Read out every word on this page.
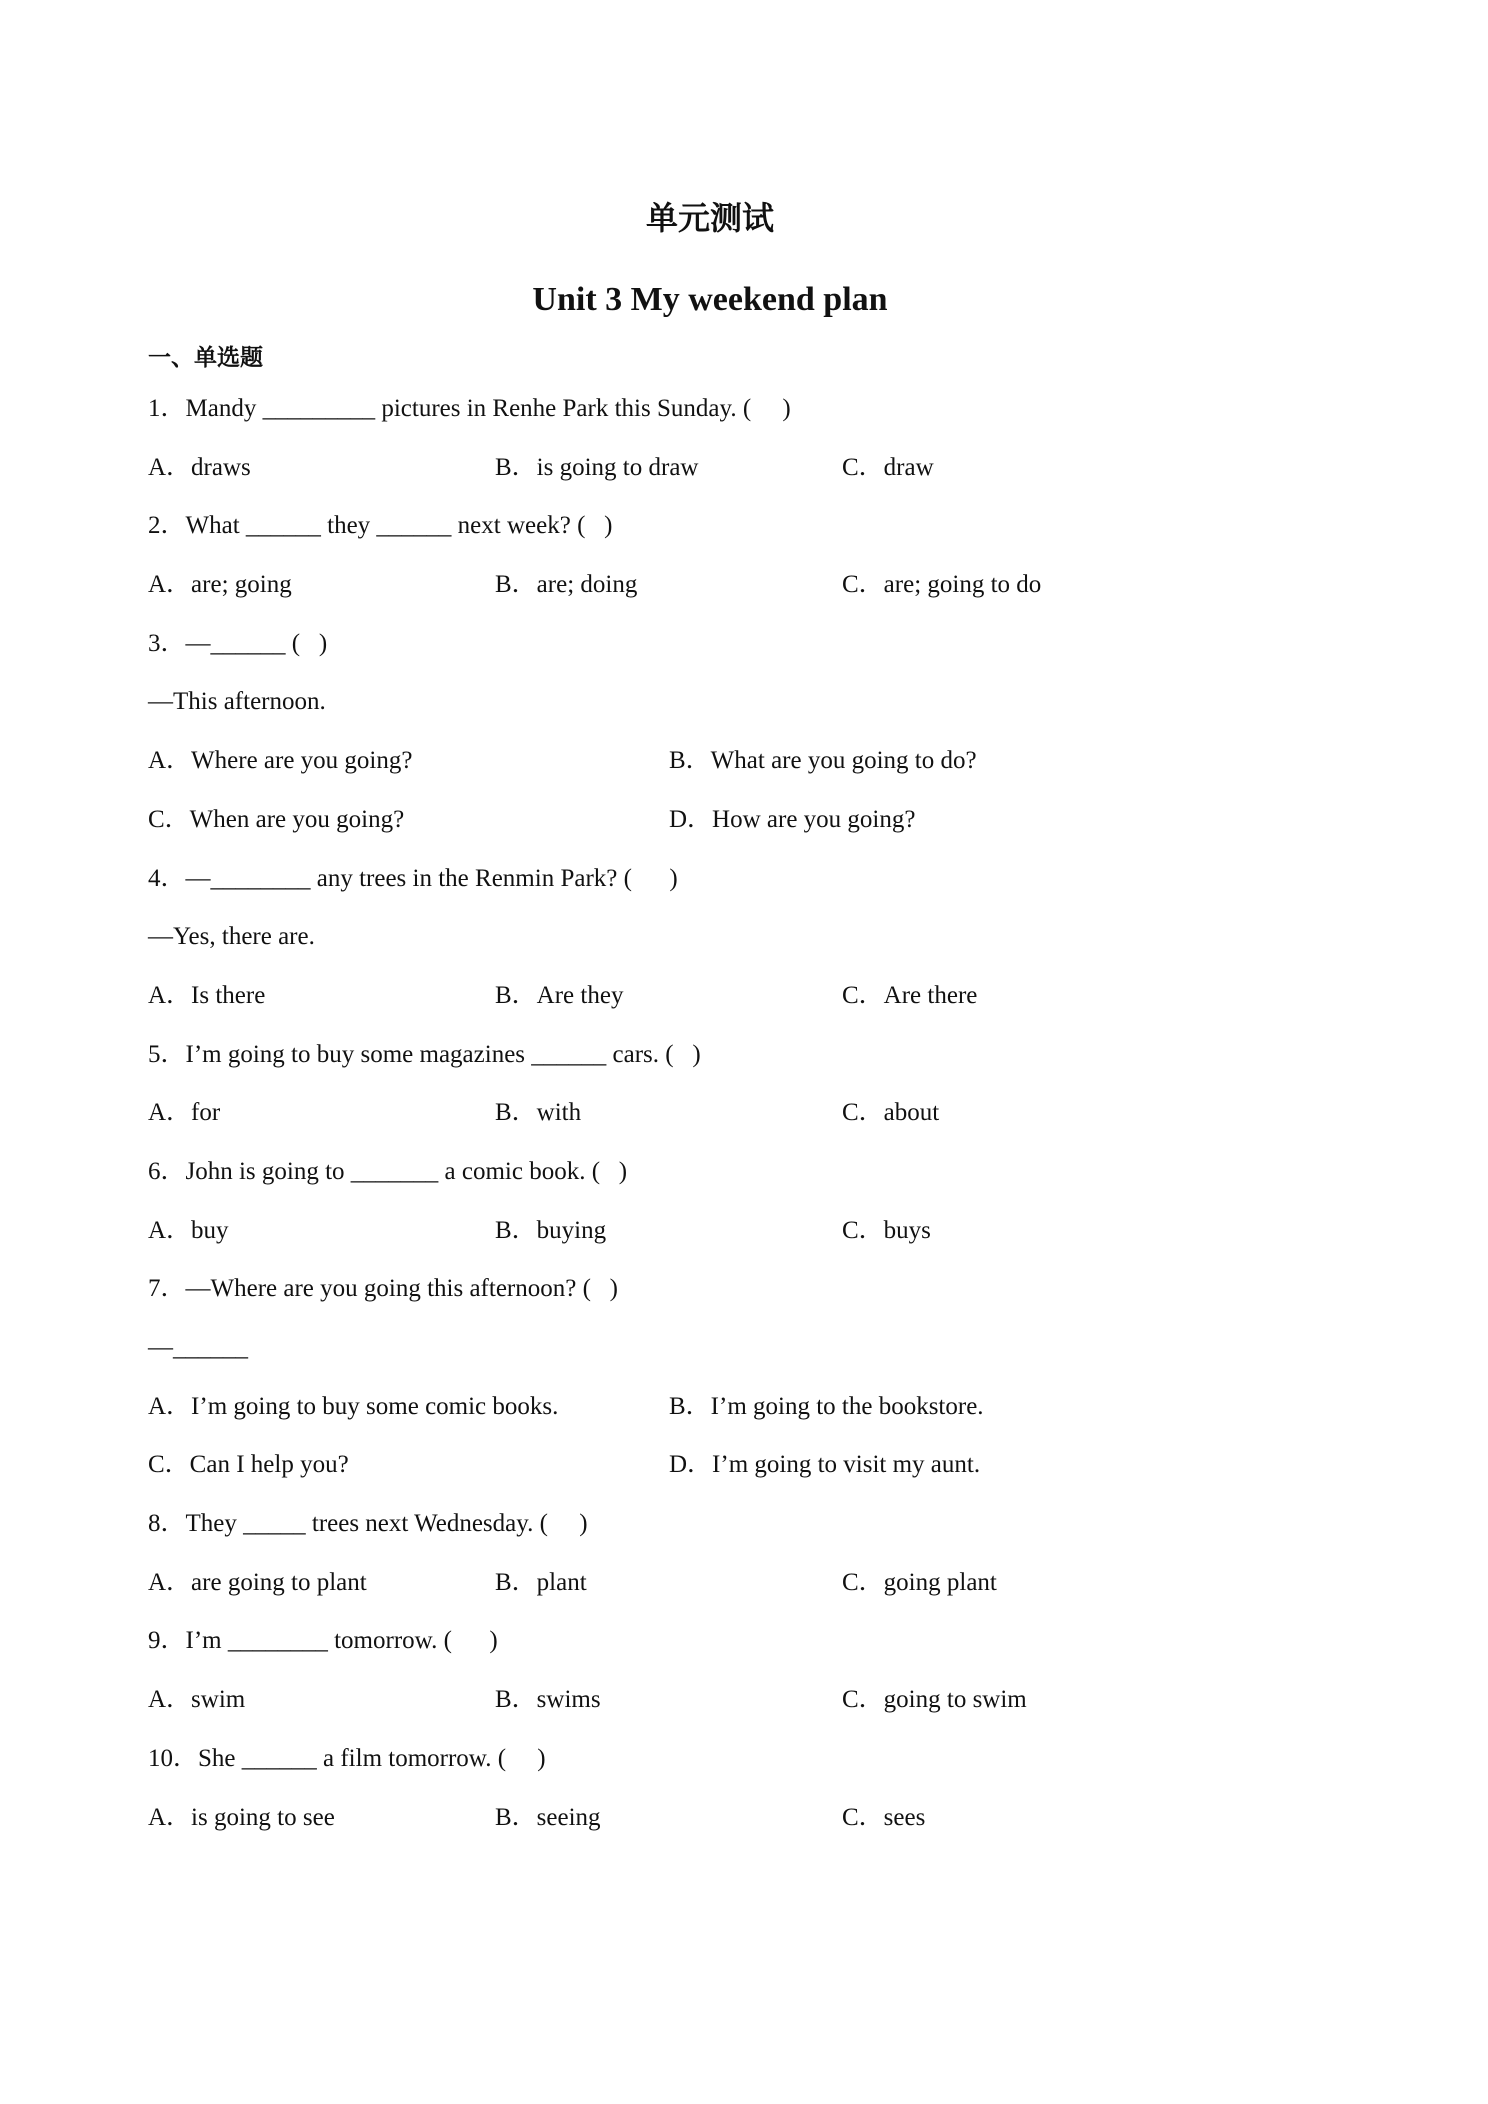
单元测试
Unit 3 My weekend plan
一、单选题
1．Mandy _________ pictures in Renhe Park this Sunday. (     )

A．draws

	B．is going to draw

	C．draw

2．What ______ they ______ next week? (   )

A．are; going

	B．are; doing

	C．are; going to do

3．—______ (   )
—This afternoon.

A．Where are you going?

	B．What are you going to do?

C．When are you going?

	D．How are you going?

4．—________ any trees in the Renmin Park? (      )
—Yes, there are.

A．Is there

	B．Are they

	C．Are there

5．I’m going to buy some magazines ______ cars. (   )

A．for

	B．with

	C．about

6．John is going to _______ a comic book. (   )

A．buy

	B．buying

	C．buys

7．—Where are you going this afternoon? (   )
—______

A．I’m going to buy some comic books.

	B．I’m going to the bookstore.

C．Can I help you?

	D．I’m going to visit my aunt.

8．They _____ trees next Wednesday. (     )

A．are going to plant

	B．plant

	C．going plant

9．I’m ________ tomorrow. (      )

A．swim

	B．swims

	C．going to swim

10．She ______ a film tomorrow. (     )

A．is going to see

	B．seeing

	C．sees
